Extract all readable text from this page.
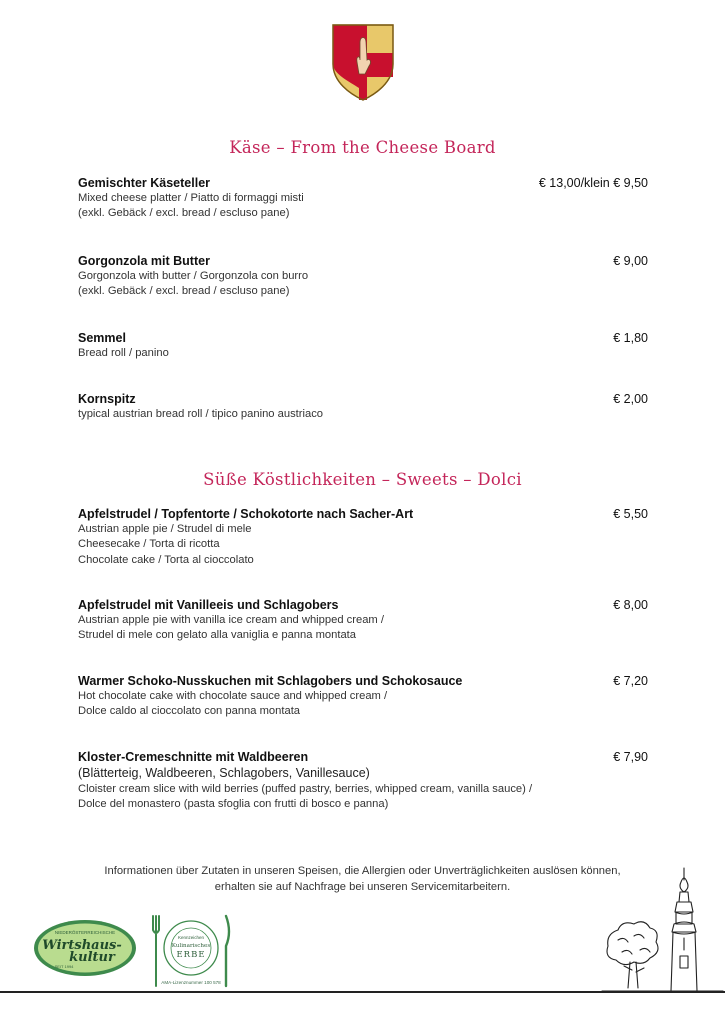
Käse – From the Cheese Board
Gemischter Käseteller	€ 13,00/klein € 9,50
Mixed cheese platter / Piatto di formaggi misti
(exkl. Gebäck / excl. bread / escluso pane)
Gorgonzola mit Butter	€ 9,00
Gorgonzola with butter / Gorgonzola con burro
(exkl. Gebäck / excl. bread / escluso pane)
Semmel	€ 1,80
Bread roll / panino
Kornspitz	€ 2,00
typical austrian bread roll / tipico panino austriaco
Süße Köstlichkeiten – Sweets – Dolci
Apfelstrudel / Topfentorte / Schokotorte nach Sacher-Art	€ 5,50
Austrian apple pie / Strudel di mele
Cheesecake / Torta di ricotta
Chocolate cake / Torta al cioccolato
Apfelstrudel mit Vanilleeis und Schlagobers	€ 8,00
Austrian apple pie with vanilla ice cream and whipped cream /
Strudel di mele con gelato alla vaniglia e panna montata
Warmer Schoko-Nusskuchen mit Schlagobers und Schokosauce	€ 7,20
Hot chocolate cake with chocolate sauce and whipped cream /
Dolce caldo al cioccolato con panna montata
Kloster-Cremeschnitte mit Waldbeeren	€ 7,90
(Blätterteig, Waldbeeren, Schlagobers, Vanillesauce)
Cloister cream slice with wild berries (puffed pastry, berries, whipped cream, vanilla sauce) /
Dolce del monastero (pasta sfoglia con frutti di bosco e panna)
Informationen über Zutaten in unseren Speisen, die Allergien oder Unverträglichkeiten auslösen können,
erhalten sie auf Nachfrage bei unseren Servicemitarbeitern.
NIEDERÖSTERREICHISCHE
Wirtshaus-
kultur
SEIT 1994
Kennzeichen
Kulinarisches
ERBE
AMA-Lizenznummer 100 578
